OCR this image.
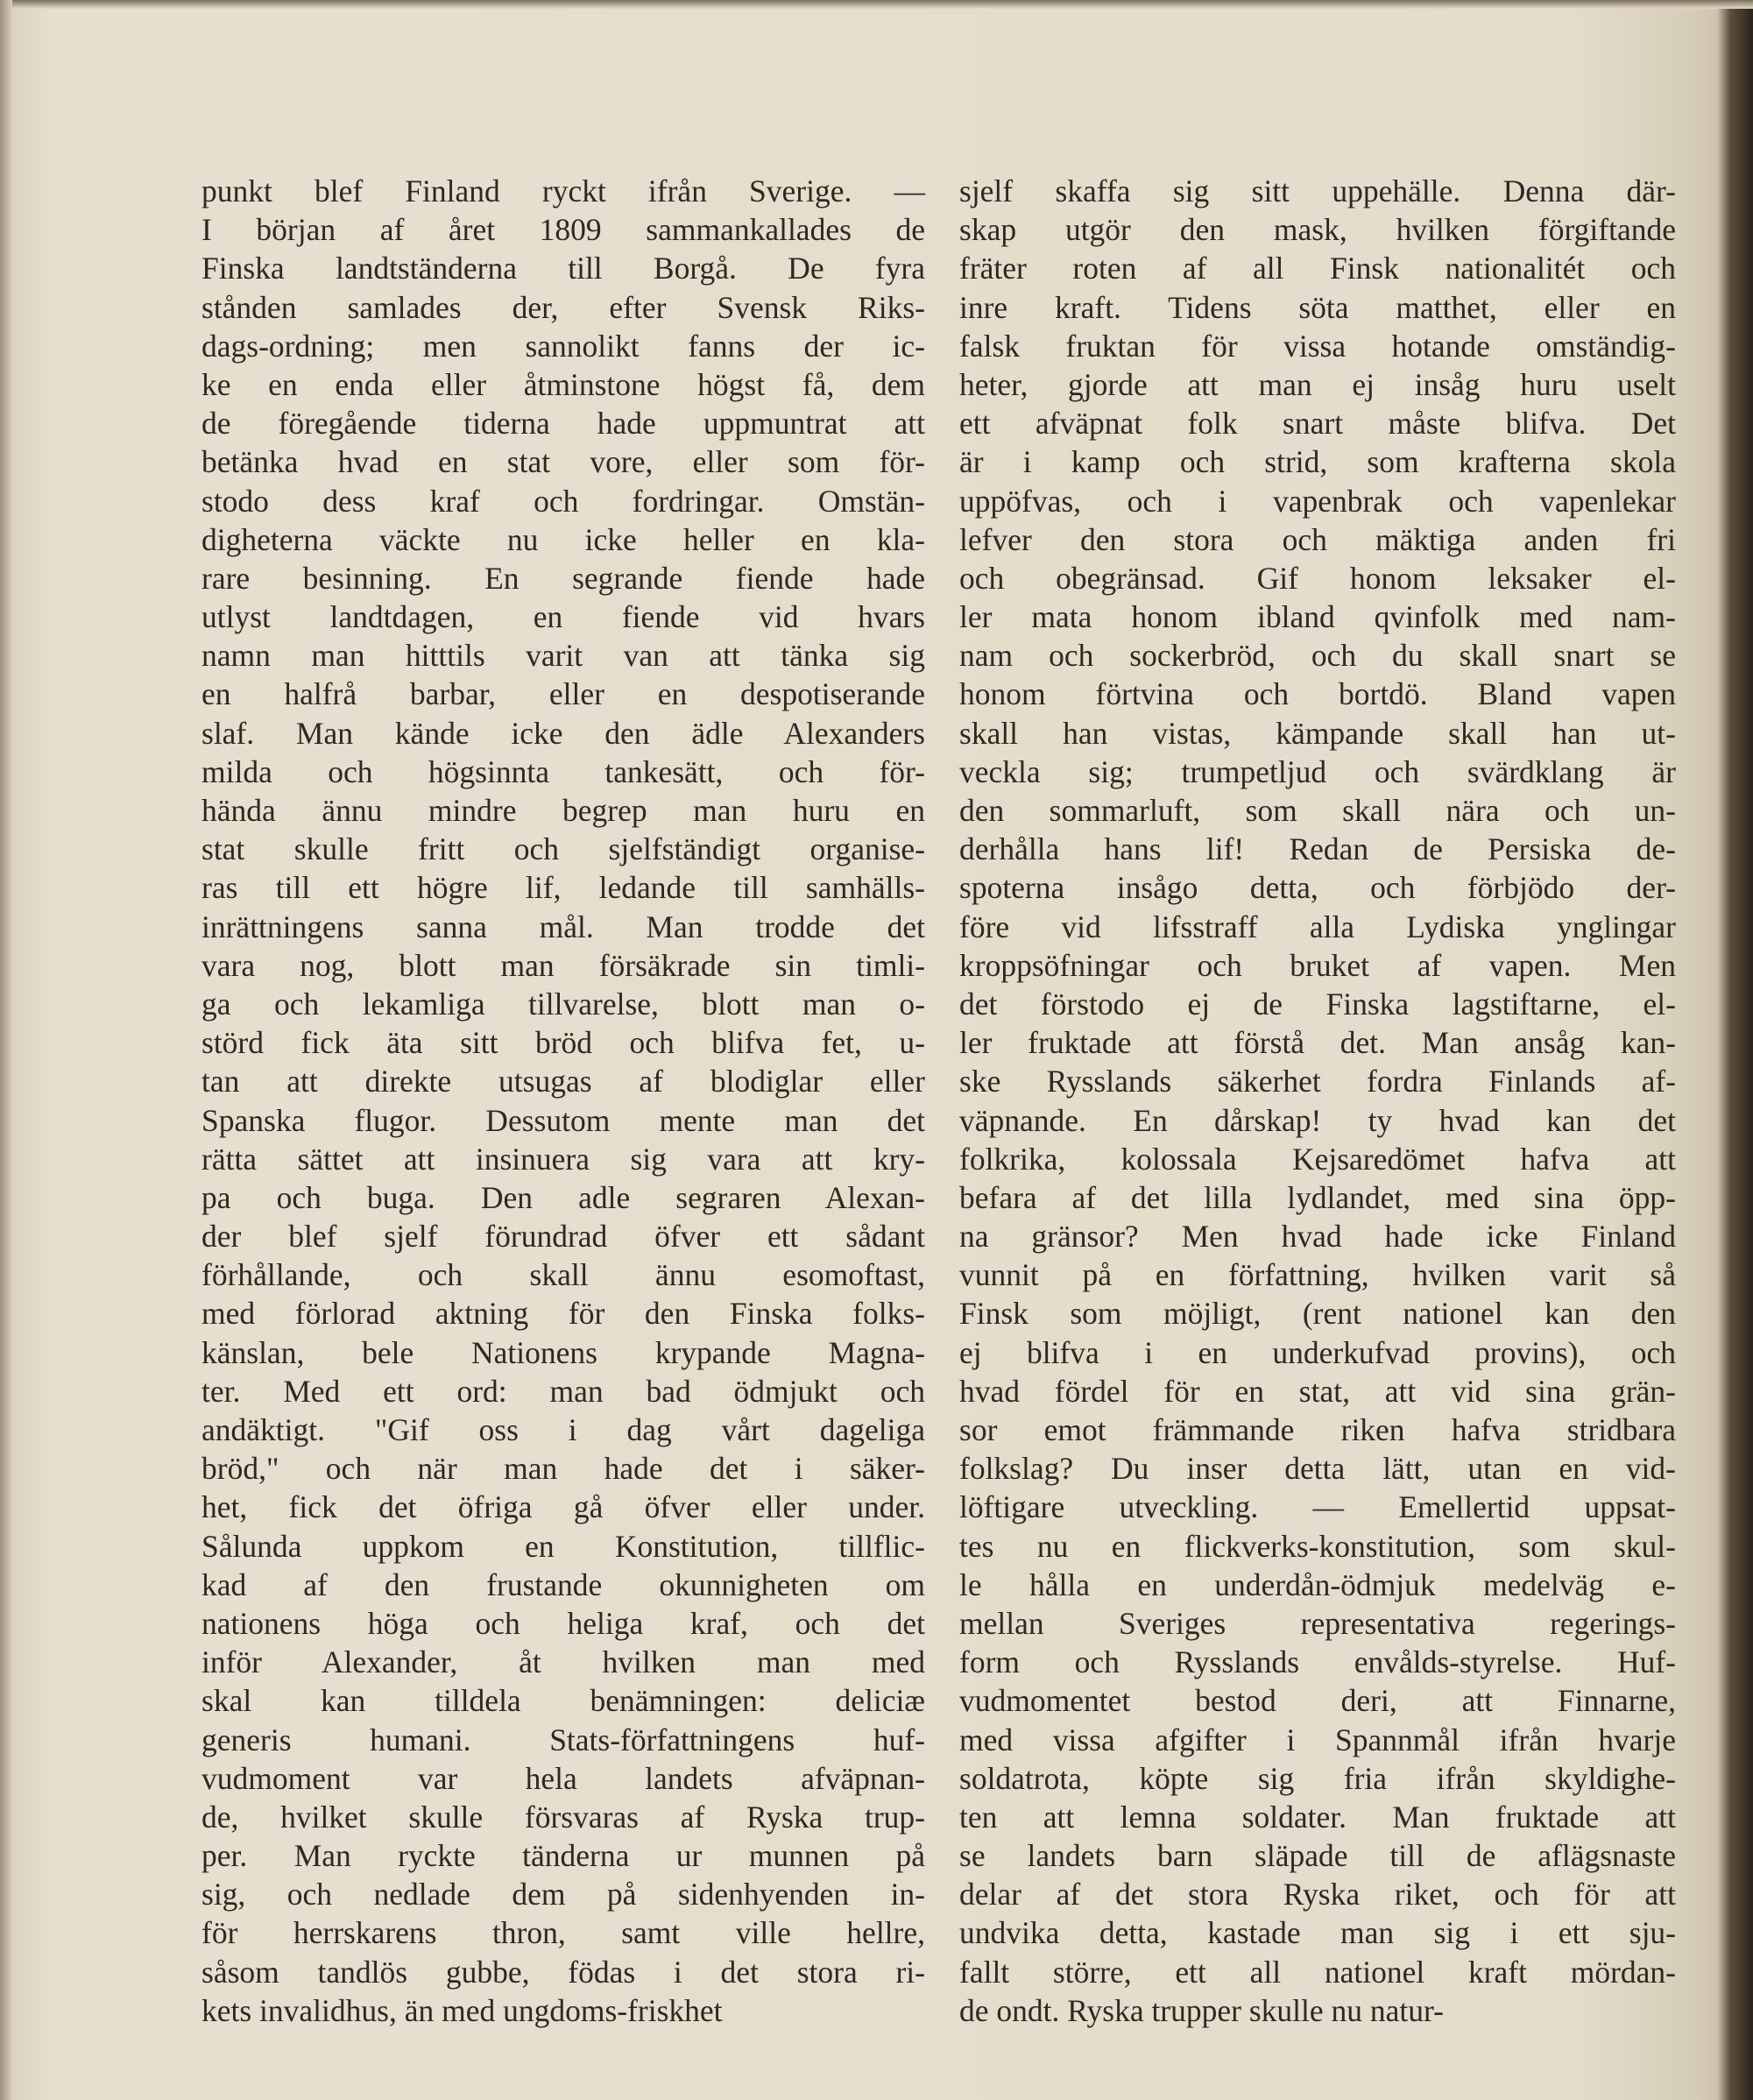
punkt blef Finland ryckt ifrån Sverige. —
I början af året 1809 sammankallades de
Finska landtständerna till Borgå. De fyra
stånden samlades der, efter Svensk Riks-
dags-ordning; men sannolikt fanns der ic-
ke en enda eller åtminstone högst få, dem
de föregående tiderna hade uppmuntrat att
betänka hvad en stat vore, eller som för-
stodo dess kraf och fordringar. Omstän-
digheterna väckte nu icke heller en kla-
rare besinning. En segrande fiende hade
utlyst landtdagen, en fiende vid hvars
namn man hitttils varit van att tänka sig
en halfrå barbar, eller en despotiserande
slaf. Man kände icke den ädle Alexanders
milda och högsinnta tankesätt, och för-
hända ännu mindre begrep man huru en
stat skulle fritt och sjelfständigt organise-
ras till ett högre lif, ledande till samhälls-
inrättningens sanna mål. Man trodde det
vara nog, blott man försäkrade sin timli-
ga och lekamliga tillvarelse, blott man o-
störd fick äta sitt bröd och blifva fet, u-
tan att direkte utsugas af blodiglar eller
Spanska flugor. Dessutom mente man det
rätta sättet att insinuera sig vara att kry-
pa och buga. Den adle segraren Alexan-
der blef sjelf förundrad öfver ett sådant
förhållande, och skall ännu esomoftast,
med förlorad aktning för den Finska folks-
känslan, bele Nationens krypande Magna-
ter. Med ett ord: man bad ödmjukt och
andäktigt. "Gif oss i dag vårt dageliga
bröd," och när man hade det i säker-
het, fick det öfriga gå öfver eller under.
Sålunda uppkom en Konstitution, tillflic-
kad af den frustande okunnigheten om
nationens höga och heliga kraf, och det
inför Alexander, åt hvilken man med
skal kan tilldela benämningen: deliciæ
generis humani. Stats-författningens huf-
vudmoment var hela landets afväpnan-
de, hvilket skulle försvaras af Ryska trup-
per. Man ryckte tänderna ur munnen på
sig, och nedlade dem på sidenhyenden in-
för herrskarens thron, samt ville hellre,
såsom tandlös gubbe, födas i det stora ri-
kets invalidhus, än med ungdoms-friskhet
sjelf skaffa sig sitt uppehälle. Denna där-
skap utgör den mask, hvilken förgiftande
fräter roten af all Finsk nationalitét och
inre kraft. Tidens söta matthet, eller en
falsk fruktan för vissa hotande omständig-
heter, gjorde att man ej insåg huru uselt
ett afväpnat folk snart måste blifva. Det
är i kamp och strid, som krafterna skola
uppöfvas, och i vapenbrak och vapenlekar
lefver den stora och mäktiga anden fri
och obegränsad. Gif honom leksaker el-
ler mata honom ibland qvinfolk med nam-
nam och sockerbröd, och du skall snart se
honom förtvina och bortdö. Bland vapen
skall han vistas, kämpande skall han ut-
veckla sig; trumpetljud och svärdklang är
den sommarluft, som skall nära och un-
derhålla hans lif! Redan de Persiska de-
spoterna insågo detta, och förbjödo der-
före vid lifsstraff alla Lydiska ynglingar
kroppsöfningar och bruket af vapen. Men
det förstodo ej de Finska lagstiftarne, el-
ler fruktade att förstå det. Man ansåg kan-
ske Rysslands säkerhet fordra Finlands af-
väpnande. En dårskap! ty hvad kan det
folkrika, kolossala Kejsaredömet hafva att
befara af det lilla lydlandet, med sina öpp-
na gränsor? Men hvad hade icke Finland
vunnit på en författning, hvilken varit så
Finsk som möjligt, (rent nationel kan den
ej blifva i en underkufvad provins), och
hvad fördel för en stat, att vid sina grän-
sor emot främmande riken hafva stridbara
folkslag? Du inser detta lätt, utan en vid-
löftigare utveckling. — Emellertid uppsat-
tes nu en flickverks-konstitution, som skul-
le hålla en underdån-ödmjuk medelväg e-
mellan Sveriges representativa regerings-
form och Rysslands envålds-styrelse. Huf-
vudmomentet bestod deri, att Finnarne,
med vissa afgifter i Spannmål ifrån hvarje
soldatrota, köpte sig fria ifrån skyldighe-
ten att lemna soldater. Man fruktade att
se landets barn släpade till de aflägsnaste
delar af det stora Ryska riket, och för att
undvika detta, kastade man sig i ett sju-
fallt större, ett all nationel kraft mördan-
de ondt. Ryska trupper skulle nu natur-
